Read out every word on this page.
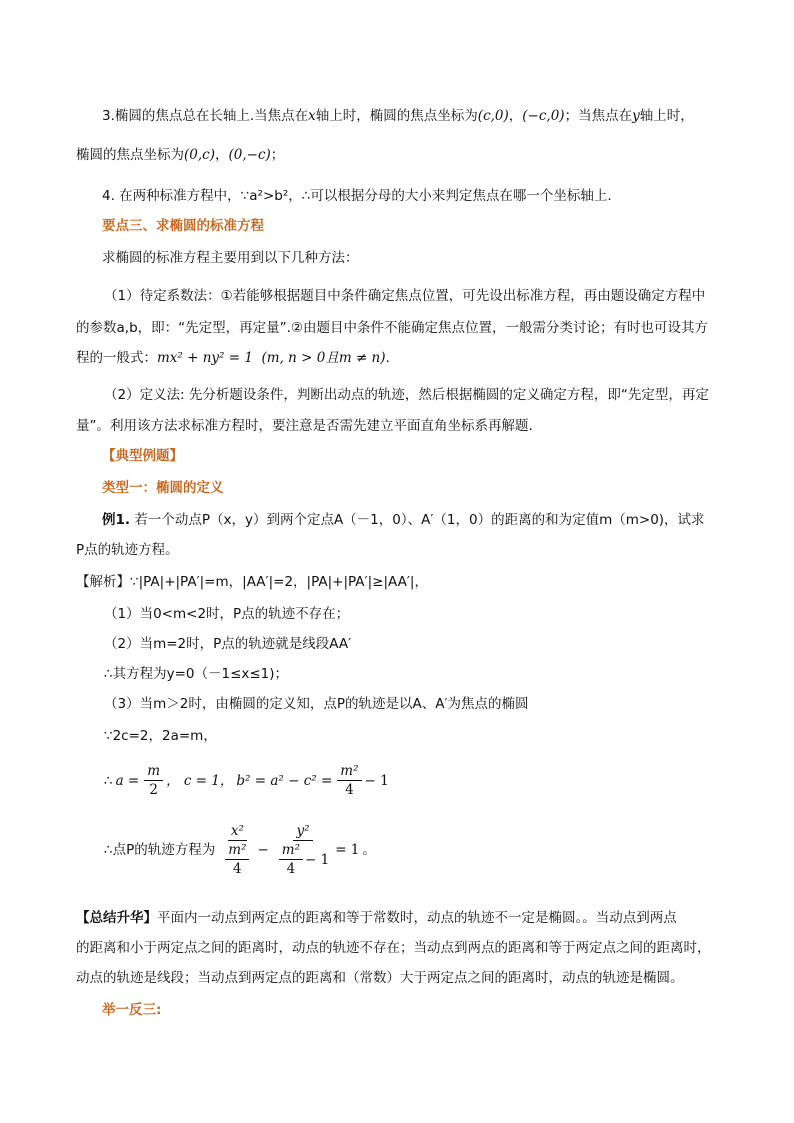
3.椭圆的焦点总在长轴上.当焦点在x轴上时，椭圆的焦点坐标为(c,0)，(−c,0)；当焦点在y轴上时，
椭圆的焦点坐标为(0,c)，(0,−c)；
4. 在两种标准方程中，∵a²>b²，∴可以根据分母的大小来判定焦点在哪一个坐标轴上.
要点三、求椭圆的标准方程
求椭圆的标准方程主要用到以下几种方法：
（1）待定系数法：①若能够根据题目中条件确定焦点位置，可先设出标准方程，再由题设确定方程中
的参数a,b，即：“先定型，再定量”.②由题目中条件不能确定焦点位置，一般需分类讨论；有时也可设其方
程的一般式：mx² + ny² = 1 (m, n > 0且m ≠ n).
（2）定义法: 先分析题设条件，判断出动点的轨迹，然后根据椭圆的定义确定方程，即“先定型，再定
量”。利用该方法求标准方程时，要注意是否需先建立平面直角坐标系再解题.
【典型例题】
类型一：椭圆的定义
例1. 若一个动点P（x，y）到两个定点A（－1，0）、A′（1，0）的距离的和为定值m（m>0)，试求
P点的轨迹方程。
【解析】∵|PA|+|PA′|=m，|AA′|=2，|PA|+|PA′|≥|AA′|，
（1）当0<m<2时，P点的轨迹不存在；
（2）当m=2时，P点的轨迹就是线段AA′
∴其方程为y=0（－1≤x≤1)；
（3）当m＞2时，由椭圆的定义知，点P的轨迹是以A、A′为焦点的椭圆
∵2c=2，2a=m，
∴ $a = \frac{m}{2}$ ， c = 1， $b^2 = a^2 - c^2 = \frac{\text{m²}}{4} - 1$
∴点P的轨迹方程为 $\frac{\text{x²}}{\frac{\text{m²}}{4}} - \frac{\text{y²}}{\frac{\text{m²}}{4} - 1} = 1$ 。
【总结升华】平面内一动点到两定点的距离和等于常数时，动点的轨迹不一定是椭圆。。当动点到两点
的距离和小于两定点之间的距离时，动点的轨迹不存在；当动点到两点的距离和等于两定点之间的距离时，
动点的轨迹是线段；当动点到两定点的距离和（常数）大于两定点之间的距离时，动点的轨迹是椭圆。
举一反三:
